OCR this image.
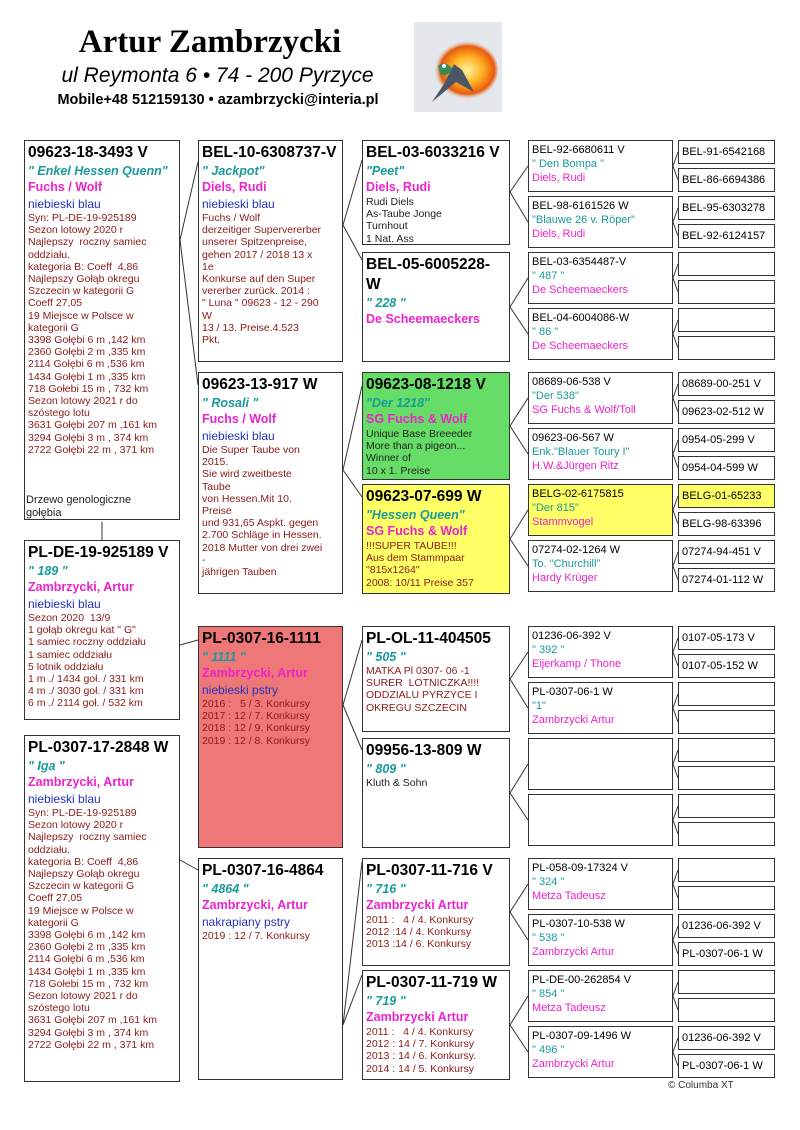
Artur Zambrzycki
ul Reymonta 6 • 74 - 200 Pyrzyce
Mobile+48 512159130 • azambrzycki@interia.pl
09623-18-3493 V
" Enkel Hessen Quenn"
Fuchs / Wolf
niebieski blau
Syn: PL-DE-19-925189
Sezon lotowy 2020 r
Najlepszy  roczny samiec
oddziału.
kategoria B: Coeff  4,86
Najlepszy Gołąb okregu
Szczecin w kategorii G
Coeff 27,05
19 Miejsce w Polsce w
kategorii G
3398 Gołębi 6 m ,142 km
2360 Gołębi 2 m ,335 km
2114 Gołębi 6 m ,536 km
1434 Gołębi 1 m ,335 km
718 Gołebi 15 m , 732 km
Sezon lotowy 2021 r do
szóstego lotu
3631 Gołębi 207 m ,161 km
3294 Gołębi 3 m , 374 km
2722 Gołębi 22 m , 371 km
Drzewo genologiczne
gołębia
PL-DE-19-925189 V
" 189 "
Zambrzycki, Artur
niebieski blau
Sezon 2020  13/9
1 gołąb okregu kat " G"
1 samiec roczny oddziału
1 samiec oddziału
5 lotnik oddziału
1 m ./ 1434 goł. / 331 km
4 m ./ 3030 goł. / 331 km
6 m ./ 2114 goł. / 532 km
PL-0307-17-2848 W
" Iga "
Zambrzycki, Artur
niebieski blau
Syn: PL-DE-19-925189
Sezon lotowy 2020 r
Najlepszy  roczny samiec
oddziału.
kategoria B: Coeff  4,86
Najlepszy Gołąb okregu
Szczecin w kategorii G
Coeff 27,05
19 Miejsce w Polsce w
kategorii G
3398 Gołębi 6 m ,142 km
2360 Gołębi 2 m ,335 km
2114 Gołębi 6 m ,536 km
1434 Gołębi 1 m ,335 km
718 Gołebi 15 m , 732 km
Sezon lotowy 2021 r do
szóstego lotu
3631 Gołębi 207 m ,161 km
3294 Gołębi 3 m , 374 km
2722 Gołębi 22 m , 371 km
BEL-10-6308737-V
" Jackpot"
Diels, Rudi
niebieski blau
Fuchs / Wolf
derzeitiger Supervererber
unserer Spitzenpreise,
gehen 2017 / 2018 13 x
1e
Konkurse auf den Super
vererber zurück. 2014 :
" Luna " 09623 - 12 - 290
W
13 / 13. Preise.4.523
Pkt.
09623-13-917 W
" Rosali "
Fuchs / Wolf
niebieski blau
Die Super Taube von
2015.
Sie wird zweitbeste
Taube
von Hessen.Mit 10.
Preise
und 931,65 Aspkt. gegen
2.700 Schläge in Hessen.
2018 Mutter von drei zwei
-
jährigen Tauben
PL-0307-16-1111
" 1111 "
Zambrzycki, Artur
niebieski pstry
2016 :   5 / 3. Konkursy
2017 : 12 / 7. Konkursy
2018 : 12 / 9. Konkursy
2019 : 12 / 8. Konkursy
PL-0307-16-4864
" 4864 "
Zambrzycki, Artur
nakrapiany pstry
2019 : 12 / 7. Konkursy
BEL-03-6033216 V
"Peet"
Diels, Rudi
Rudi Diels
As-Taube Jonge
Turnhout
1 Nat. Ass
BEL-05-6005228-
W
" 228 "
De Scheemaeckers
09623-08-1218 V
"Der 1218"
SG Fuchs & Wolf
Unique Base Breeeder
More than a pigeon...
Winner of
10 x 1. Preise
09623-07-699 W
"Hessen Queen"
SG Fuchs & Wolf
!!!SUPER TAUBE!!!
Aus dem Stammpaar
"815x1264"
2008: 10/11 Preise 357
PL-OL-11-404505
" 505 "
MATKA Pl 0307- 06 -1
SURER  LOTNICZKA!!!!
ODDZIALU PYRZYCE I
OKREGU SZCZECIN
09956-13-809 W
" 809 "
Kluth & Sohn
PL-0307-11-716 V
" 716 "
Zambrzycki Artur
2011 :   4 / 4. Konkursy
2012 :14 / 4. Konkursy
2013 :14 / 6. Konkursy
PL-0307-11-719 W
" 719 "
Zambrzycki Artur
2011 :   4 / 4. Konkursy
2012 : 14 / 7. Konkursy
2013 : 14 / 6. Konkursy.
2014 : 14 / 5. Konkursy
BEL-92-6680611 V
" Den Bompa "
Diels, Rudi
BEL-98-6161526 W
"Blauwe 26 v. Röper"
Diels, Rudi
BEL-03-6354487-V
" 487 "
De Scheemaeckers
BEL-04-6004086-W
" 86 "
De Scheemaeckers
08689-06-538 V
"Der 538"
SG Fuchs & Wolf/Toll
09623-06-567 W
Enk."Blauer Toury I"
H.W.&Jürgen Ritz
BELG-02-6175815
"Der 815"
Stammvogel
07274-02-1264 W
To. "Churchill"
Hardy Krüger
01236-06-392 V
" 392 "
Eijerkamp / Thone
PL-0307-06-1 W
"1"
Zambrzycki Artur
PL-058-09-17324 V
" 324 "
Metza Tadeusz
PL-0307-10-538 W
" 538 "
Zambrzycki Artur
PL-DE-00-262854 V
" 854 "
Metza Tadeusz
PL-0307-09-1496 W
" 496 "
Zambrzycki Artur
BEL-91-6542168
BEL-86-6694386
BEL-95-6303278
BEL-92-6124157
08689-00-251 V
09623-02-512 W
0954-05-299 V
0954-04-599 W
BELG-01-65233
BELG-98-63396
07274-94-451 V
07274-01-112 W
0107-05-173 V
0107-05-152 W
01236-06-392 V
PL-0307-06-1 W
01236-06-392 V
PL-0307-06-1 W
© Columba XT
